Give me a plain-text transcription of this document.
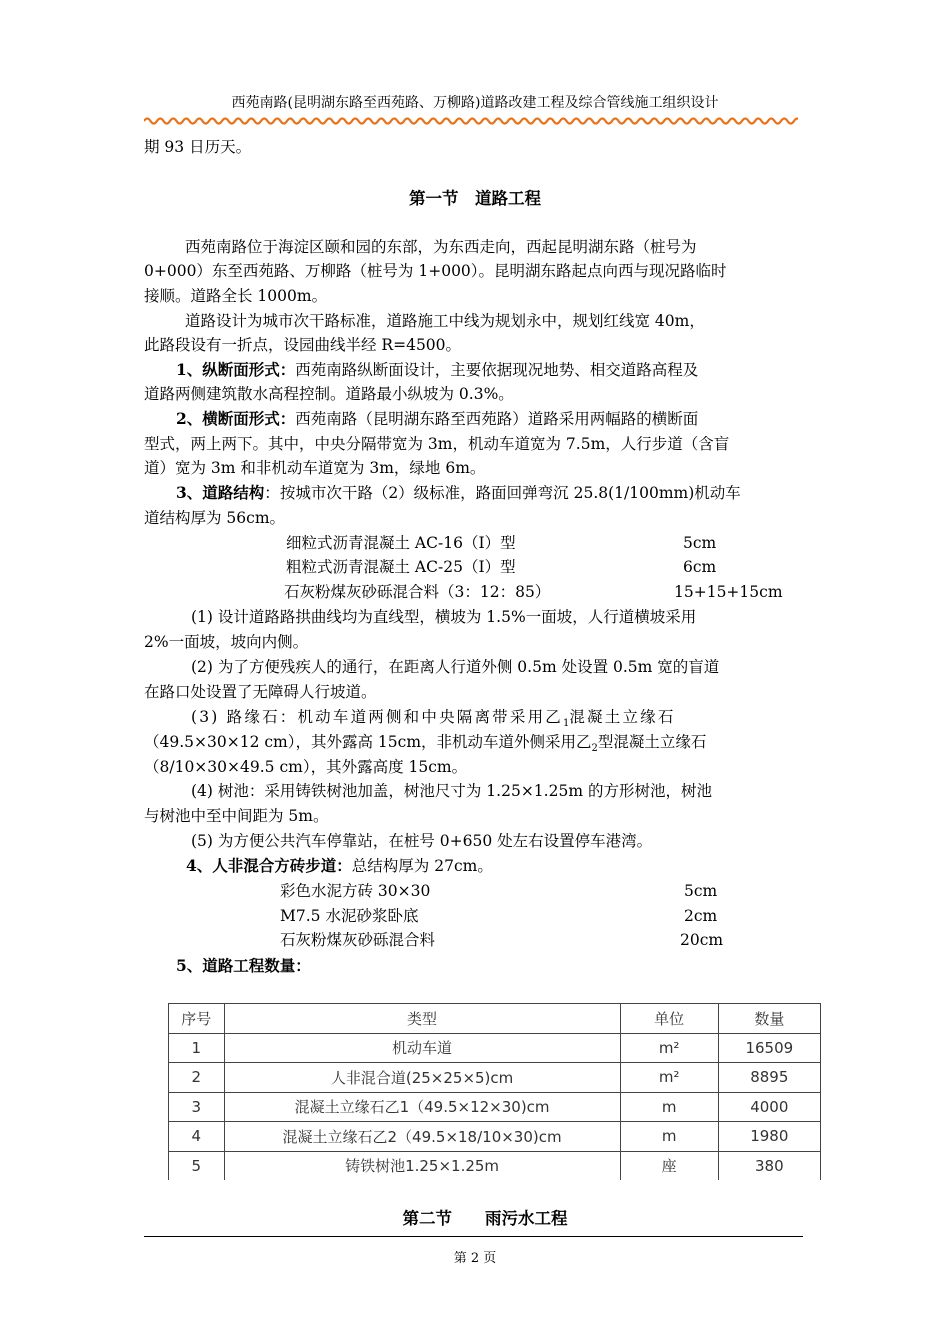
西苑南路(昆明湖东路至西苑路、万柳路)道路改建工程及综合管线施工组织设计
期 93 日历天。
第一节　道路工程
西苑南路位于海淀区颐和园的东部，为东西走向，西起昆明湖东路（桩号为
0+000）东至西苑路、万柳路（桩号为 1+000）。昆明湖东路起点向西与现况路临时
接顺。道路全长 1000m。
道路设计为城市次干路标准，道路施工中线为规划永中，规划红线宽 40m，
此路段设有一折点，设园曲线半经 R=4500。
1、纵断面形式：西苑南路纵断面设计，主要依据现况地势、相交道路高程及
道路两侧建筑散水高程控制。道路最小纵坡为 0.3%。
2、横断面形式：西苑南路（昆明湖东路至西苑路）道路采用两幅路的横断面
型式，两上两下。其中，中央分隔带宽为 3m，机动车道宽为 7.5m，人行步道（含盲
道）宽为 3m 和非机动车道宽为 3m，绿地 6m。
3、道路结构：按城市次干路（2）级标准，路面回弹弯沉 25.8(1/100mm)机动车
道结构厚为 56cm。
细粒式沥青混凝土 AC-16（Ⅰ）型	5cm
粗粒式沥青混凝土 AC-25（Ⅰ）型	6cm
石灰粉煤灰砂砾混合料（3：12：85）	15+15+15cm
(1) 设计道路路拱曲线均为直线型，横坡为 1.5%一面坡，人行道横坡采用
2%一面坡，坡向内侧。
(2) 为了方便残疾人的通行，在距离人行道外侧 0.5m 处设置 0.5m 宽的盲道
在路口处设置了无障碍人行坡道。
(3) 路缘石：机动车道两侧和中央隔离带采用乙$_1$混凝土立缘石
（49.5×30×12 cm），其外露高 15cm，非机动车道外侧采用乙$_2$型混凝土立缘石
（8/10×30×49.5 cm），其外露高度 15cm。
(4) 树池：采用铸铁树池加盖，树池尺寸为 1.25×1.25m 的方形树池，树池
与树池中至中间距为 5m。
(5) 为方便公共汽车停靠站，在桩号 0+650 处左右设置停车港湾。
4、人非混合方砖步道：总结构厚为 27cm。
彩色水泥方砖 30×30	5cm
M7.5 水泥砂浆卧底	2cm
石灰粉煤灰砂砾混合料	20cm
5、道路工程数量：
序号	类型	单位	数量
1	机动车道	m²	16509
2	人非混合道(25×25×5)cm	m²	8895
3	混凝土立缘石乙1（49.5×12×30)cm	m	4000
4	混凝土立缘石乙2（49.5×18/10×30)cm	m	1980
5	铸铁树池1.25×1.25m	座	380
第二节　　雨污水工程
第 2 页
